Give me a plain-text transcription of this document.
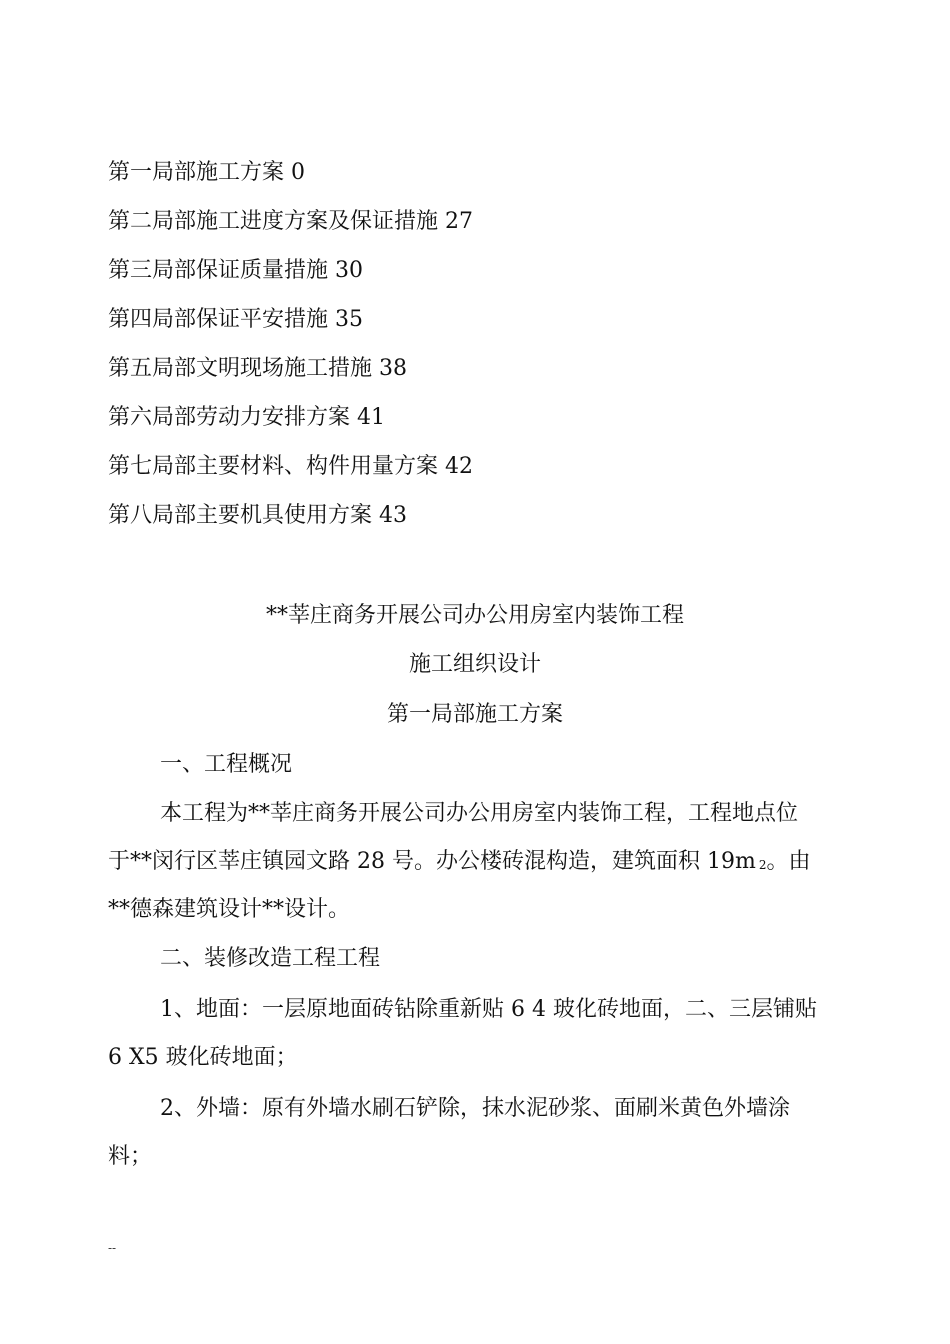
第一局部施工方案 0
第二局部施工进度方案及保证措施 27
第三局部保证质量措施 30
第四局部保证平安措施 35
第五局部文明现场施工措施 38
第六局部劳动力安排方案 41
第七局部主要材料、构件用量方案 42
第八局部主要机具使用方案 43
**莘庄商务开展公司办公用房室内装饰工程
施工组织设计
第一局部施工方案
一、工程概况
本工程为**莘庄商务开展公司办公用房室内装饰工程，工程地点位
于**闵行区莘庄镇园文路 28 号。办公楼砖混构造，建筑面积 19m 2。由
**德森建筑设计**设计。
二、装修改造工程工程
1、地面：一层原地面砖钻除重新贴 6 4 玻化砖地面，二、三层铺贴
6 X5 玻化砖地面；
2、外墙：原有外墙水刷石铲除，抹水泥砂浆、面刷米黄色外墙涂
料；
--
